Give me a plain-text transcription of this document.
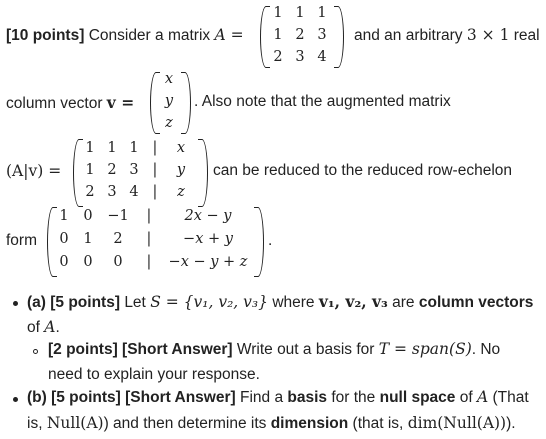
[10 points] Consider a matrix A =
1 1 1
1 2 3
2 3 4
and an arbitrary 3 × 1 real
column vector v =
x
y
z
. Also note that the augmented matrix
(A|v) =
1 1 1 |	x
1 2 3 |	y
2 3 4 |	z
can be reduced to the reduced row-echelon
form
1 0 −1	|	2x − y
0 1	2	|	−x + y
0 0	0	|	−x − y + z
.
(a) [5 points] Let S = {v₁, v₂, v₃} where v₁, v₂, v₃ are column vectors
of A.
[2 points] [Short Answer] Write out a basis for T = span(S). No
need to explain your response.
(b) [5 points] [Short Answer] Find a basis for the null space of A (That
is, Null(A)) and then determine its dimension (that is, dim(Null(A))).
